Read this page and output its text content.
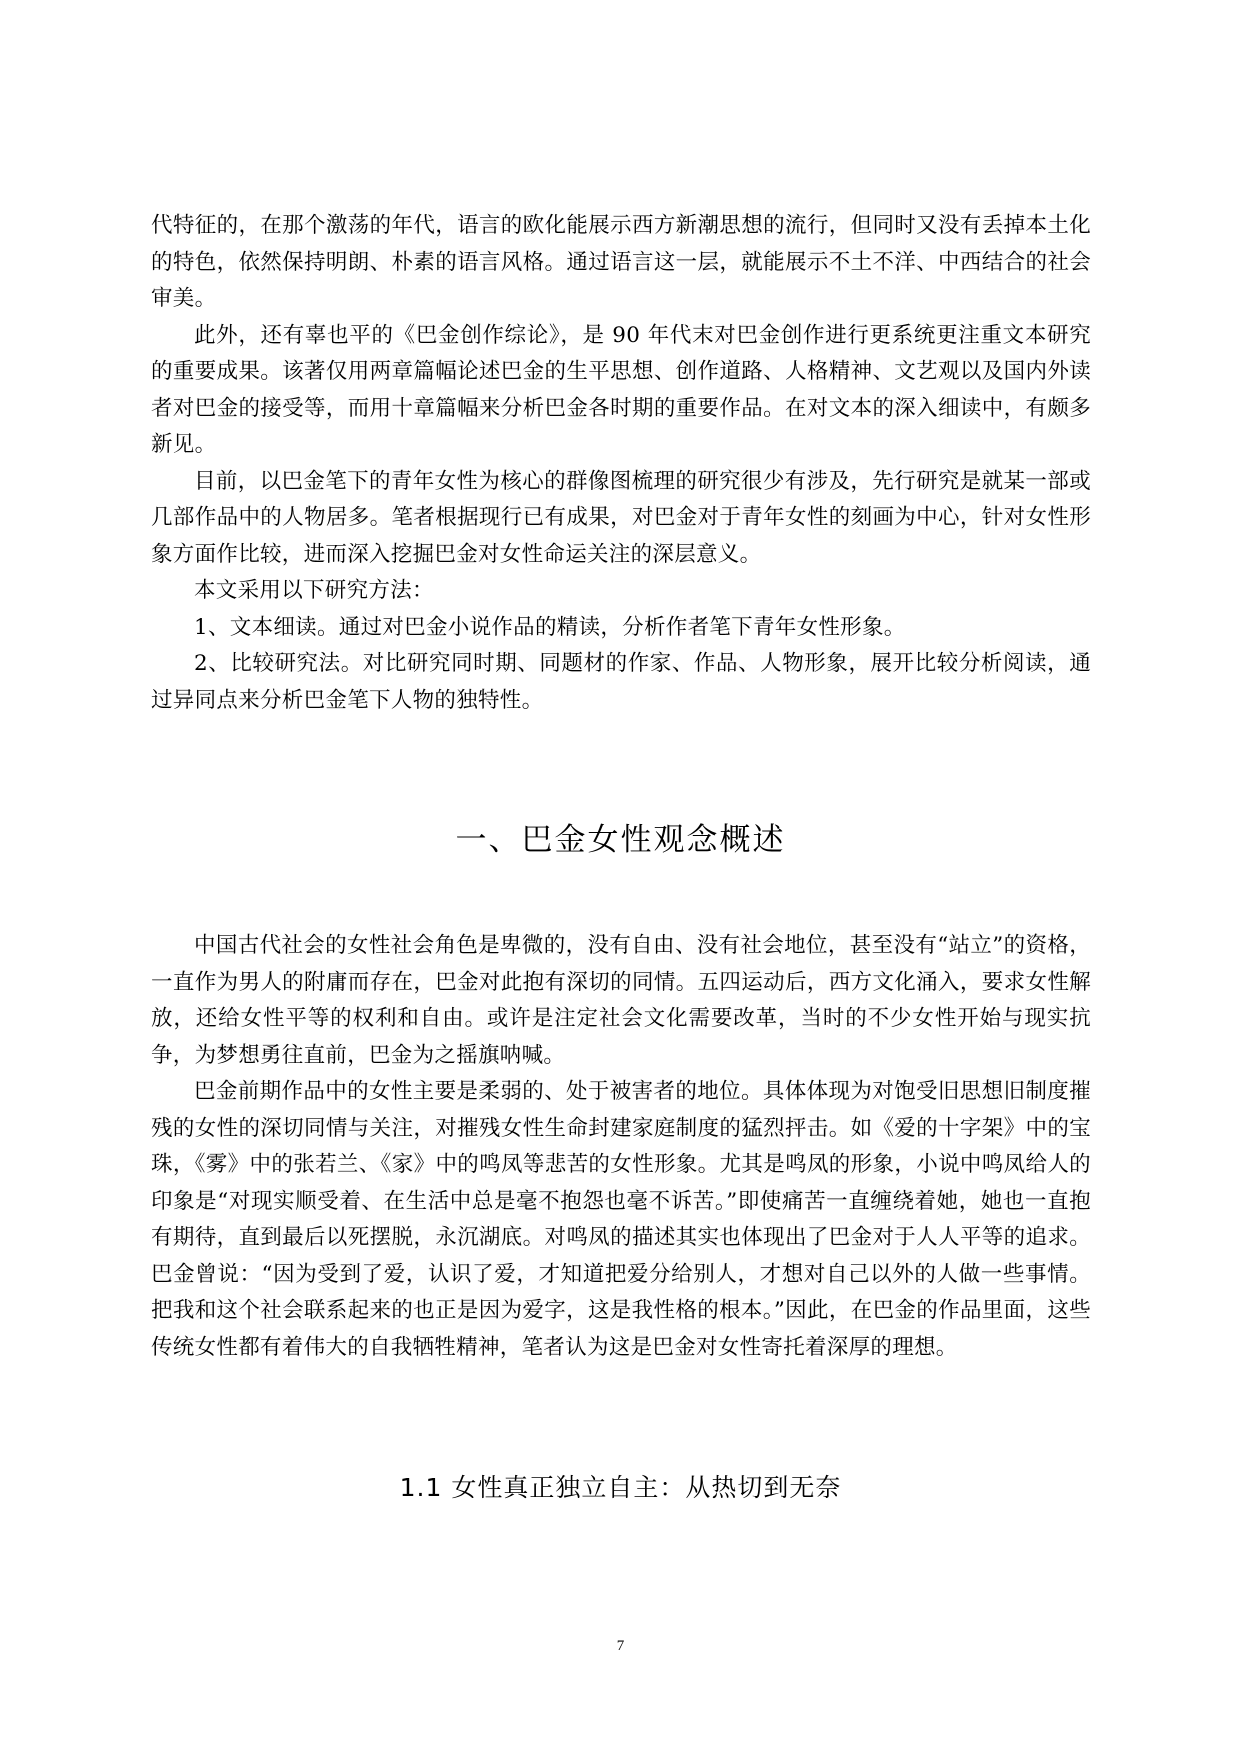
代特征的，在那个激荡的年代，语言的欧化能展示西方新潮思想的流行，但同时又没有丢掉本土化的特色，依然保持明朗、朴素的语言风格。通过语言这一层，就能展示不土不洋、中西结合的社会审美。

此外，还有辜也平的《巴金创作综论》，是 90 年代末对巴金创作进行更系统更注重文本研究的重要成果。该著仅用两章篇幅论述巴金的生平思想、创作道路、人格精神、文艺观以及国内外读者对巴金的接受等，而用十章篇幅来分析巴金各时期的重要作品。在对文本的深入细读中，有颇多新见。

目前，以巴金笔下的青年女性为核心的群像图梳理的研究很少有涉及，先行研究是就某一部或几部作品中的人物居多。笔者根据现行已有成果，对巴金对于青年女性的刻画为中心，针对女性形象方面作比较，进而深入挖掘巴金对女性命运关注的深层意义。

本文采用以下研究方法：

1、文本细读。通过对巴金小说作品的精读，分析作者笔下青年女性形象。

2、比较研究法。对比研究同时期、同题材的作家、作品、人物形象，展开比较分析阅读，通过异同点来分析巴金笔下人物的独特性。

一、巴金女性观念概述

中国古代社会的女性社会角色是卑微的，没有自由、没有社会地位，甚至没有“站立”的资格，一直作为男人的附庸而存在，巴金对此抱有深切的同情。五四运动后，西方文化涌入，要求女性解放，还给女性平等的权利和自由。或许是注定社会文化需要改革，当时的不少女性开始与现实抗争，为梦想勇往直前，巴金为之摇旗呐喊。

巴金前期作品中的女性主要是柔弱的、处于被害者的地位。具体体现为对饱受旧思想旧制度摧残的女性的深切同情与关注，对摧残女性生命封建家庭制度的猛烈抨击。如《爱的十字架》中的宝珠，《雾》中的张若兰、《家》中的鸣凤等悲苦的女性形象。尤其是鸣凤的形象，小说中鸣凤给人的印象是“对现实顺受着、在生活中总是毫不抱怨也毫不诉苦。”即使痛苦一直缠绕着她，她也一直抱有期待，直到最后以死摆脱，永沉湖底。对鸣凤的描述其实也体现出了巴金对于人人平等的追求。巴金曾说：“因为受到了爱，认识了爱，才知道把爱分给别人，才想对自己以外的人做一些事情。把我和这个社会联系起来的也正是因为爱字，这是我性格的根本。”因此，在巴金的作品里面，这些传统女性都有着伟大的自我牺牲精神，笔者认为这是巴金对女性寄托着深厚的理想。

1.1 女性真正独立自主：从热切到无奈
7
